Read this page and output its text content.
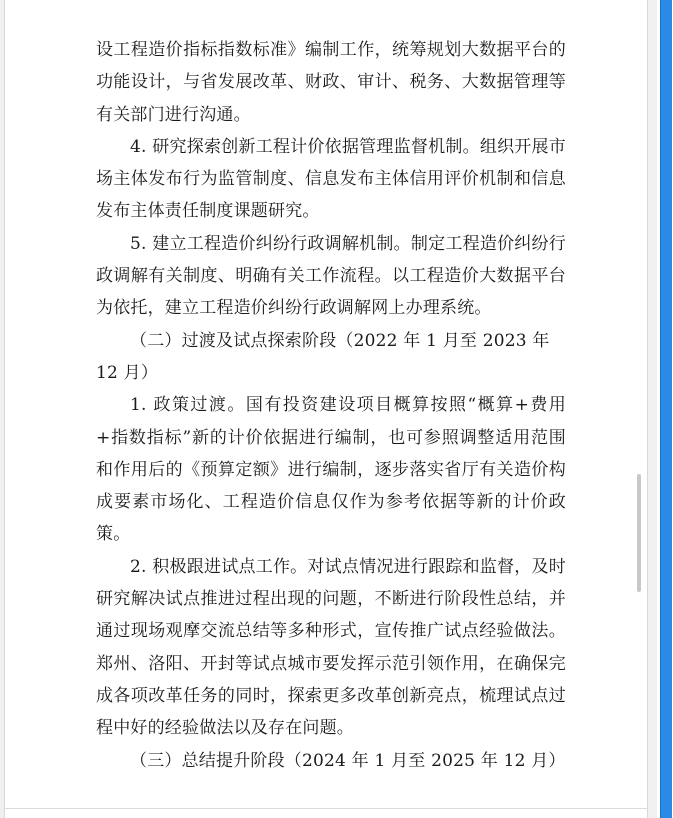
设工程造价指标指数标准》编制工作，统筹规划大数据平台的功能设计，与省发展改革、财政、审计、税务、大数据管理等有关部门进行沟通。

4. 研究探索创新工程计价依据管理监督机制。组织开展市场主体发布行为监管制度、信息发布主体信用评价机制和信息发布主体责任制度课题研究。

5. 建立工程造价纠纷行政调解机制。制定工程造价纠纷行政调解有关制度、明确有关工作流程。以工程造价大数据平台为依托，建立工程造价纠纷行政调解网上办理系统。

（二）过渡及试点探索阶段（2022 年 1 月至 2023 年 12 月）

1. 政策过渡。国有投资建设项目概算按照“概算+费用+指数指标”新的计价依据进行编制，也可参照调整适用范围和作用后的《预算定额》进行编制，逐步落实省厅有关造价构成要素市场化、工程造价信息仅作为参考依据等新的计价政策。

2. 积极跟进试点工作。对试点情况进行跟踪和监督，及时研究解决试点推进过程出现的问题，不断进行阶段性总结，并通过现场观摩交流总结等多种形式，宣传推广试点经验做法。郑州、洛阳、开封等试点城市要发挥示范引领作用，在确保完成各项改革任务的同时，探索更多改革创新亮点，梳理试点过程中好的经验做法以及存在问题。

（三）总结提升阶段（2024 年 1 月至 2025 年 12 月）
